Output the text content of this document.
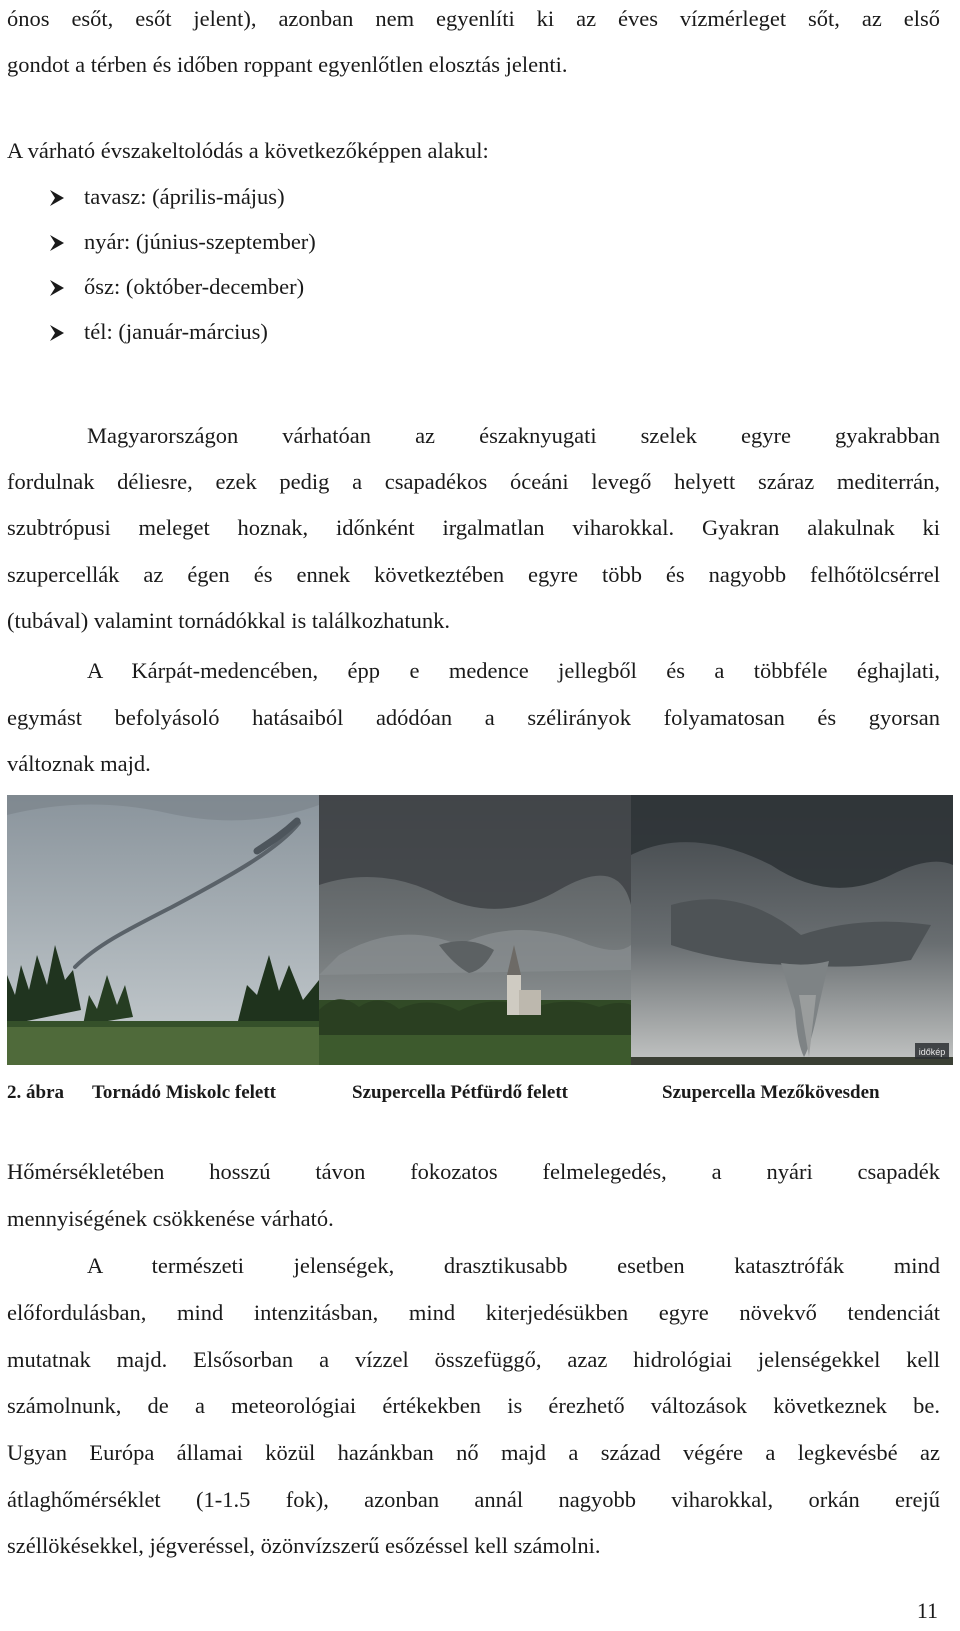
ónos esőt, esőt jelent), azonban nem egyenlíti ki az éves vízmérleget sőt, az első
gondot a térben és időben roppant egyenlőtlen elosztás jelenti.
A várható évszakeltolódás a következőképpen alakul:
tavasz: (április-május)
nyár: (június-szeptember)
ősz: (október-december)
tél: (január-március)
Magyarországon várhatóan az északnyugati szelek egyre gyakrabban
fordulnak déliesre, ezek pedig a csapadékos óceáni levegő helyett száraz mediterrán,
szubtrópusi meleget hoznak, időnként irgalmatlan viharokkal. Gyakran alakulnak ki
szupercellák az égen és ennek következtében egyre több és nagyobb felhőtölcsérrel
(tubával) valamint tornádókkal is találkozhatunk.
A Kárpát-medencében, épp e medence jellegből és a többféle éghajlati,
egymást befolyásoló hatásaiból adódóan a szélirányok folyamatosan és gyorsan
változnak majd.
időkép
2. ábra Tornádó Miskolc felett	Szupercella Pétfürdő felett	Szupercella Mezőkövesden
Hőmérsékletében hosszú távon fokozatos felmelegedés, a nyári csapadék
mennyiségének csökkenése várható.
A természeti jelenségek, drasztikusabb esetben katasztrófák mind
előfordulásban, mind intenzitásban, mind kiterjedésükben egyre növekvő tendenciát
mutatnak majd. Elsősorban a vízzel összefüggő, azaz hidrológiai jelenségekkel kell
számolnunk, de a meteorológiai értékekben is érezhető változások következnek be.
Ugyan Európa államai közül hazánkban nő majd a század végére a legkevésbé az
átlaghőmérséklet (1-1.5 fok), azonban annál nagyobb viharokkal, orkán erejű
széllökésekkel, jégveréssel, özönvízszerű esőzéssel kell számolni.
11
